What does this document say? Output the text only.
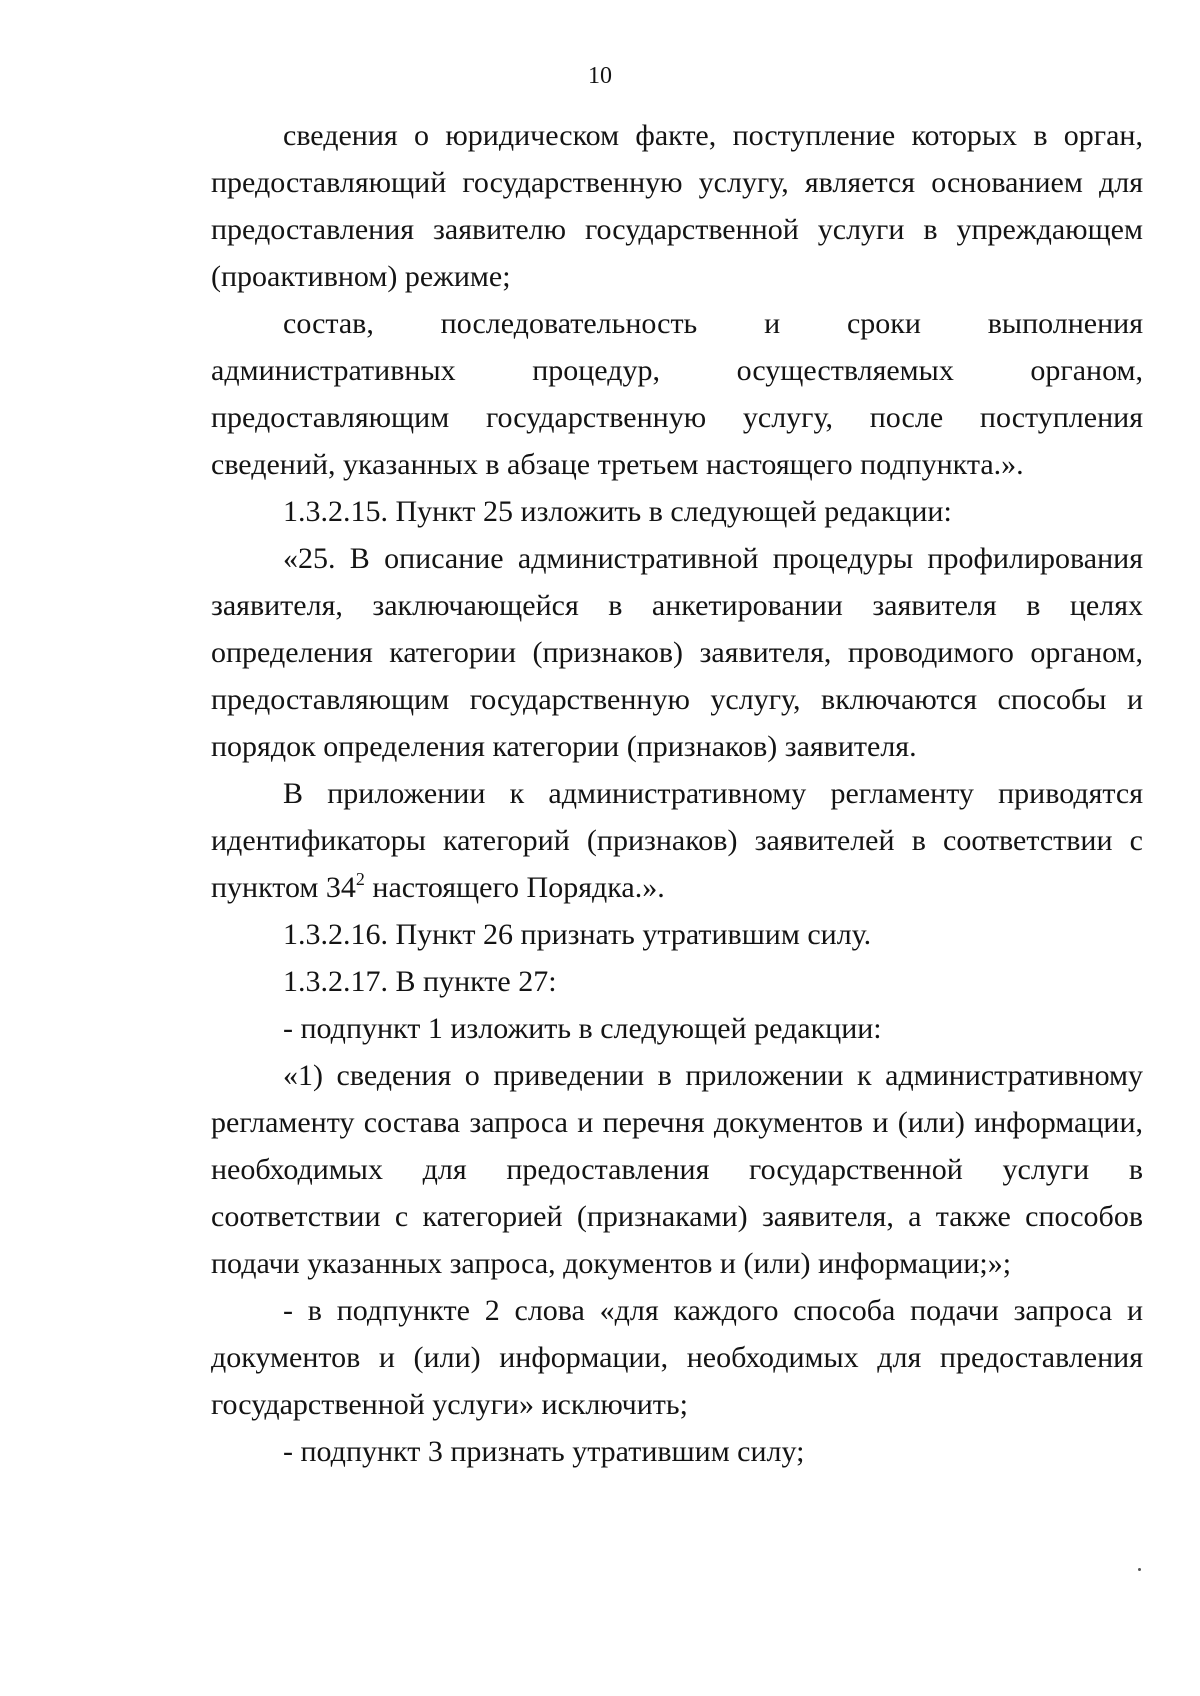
10

сведения о юридическом факте, поступление которых в орган, предоставляющий государственную услугу, является основанием для предоставления заявителю государственной услуги в упреждающем (проактивном) режиме;

состав, последовательность и сроки выполнения административных процедур, осуществляемых органом, предоставляющим государственную услугу, после поступления сведений, указанных в абзаце третьем настоящего подпункта.».

1.3.2.15. Пункт 25 изложить в следующей редакции:

«25. В описание административной процедуры профилирования заявителя, заключающейся в анкетировании заявителя в целях определения категории (признаков) заявителя, проводимого органом, предоставляющим государственную услугу, включаются способы и порядок определения категории (признаков) заявителя.

В приложении к административному регламенту приводятся идентификаторы категорий (признаков) заявителей в соответствии с пунктом $34^2$ настоящего Порядка.».

1.3.2.16. Пункт 26 признать утратившим силу.

1.3.2.17. В пункте 27:

- подпункт 1 изложить в следующей редакции:

«1) сведения о приведении в приложении к административному регламенту состава запроса и перечня документов и (или) информации, необходимых для предоставления государственной услуги в соответствии с категорией (признаками) заявителя, а также способов подачи указанных запроса, документов и (или) информации;»;

- в подпункте 2 слова «для каждого способа подачи запроса и документов и (или) информации, необходимых для предоставления государственной услуги» исключить;

- подпункт 3 признать утратившим силу;
